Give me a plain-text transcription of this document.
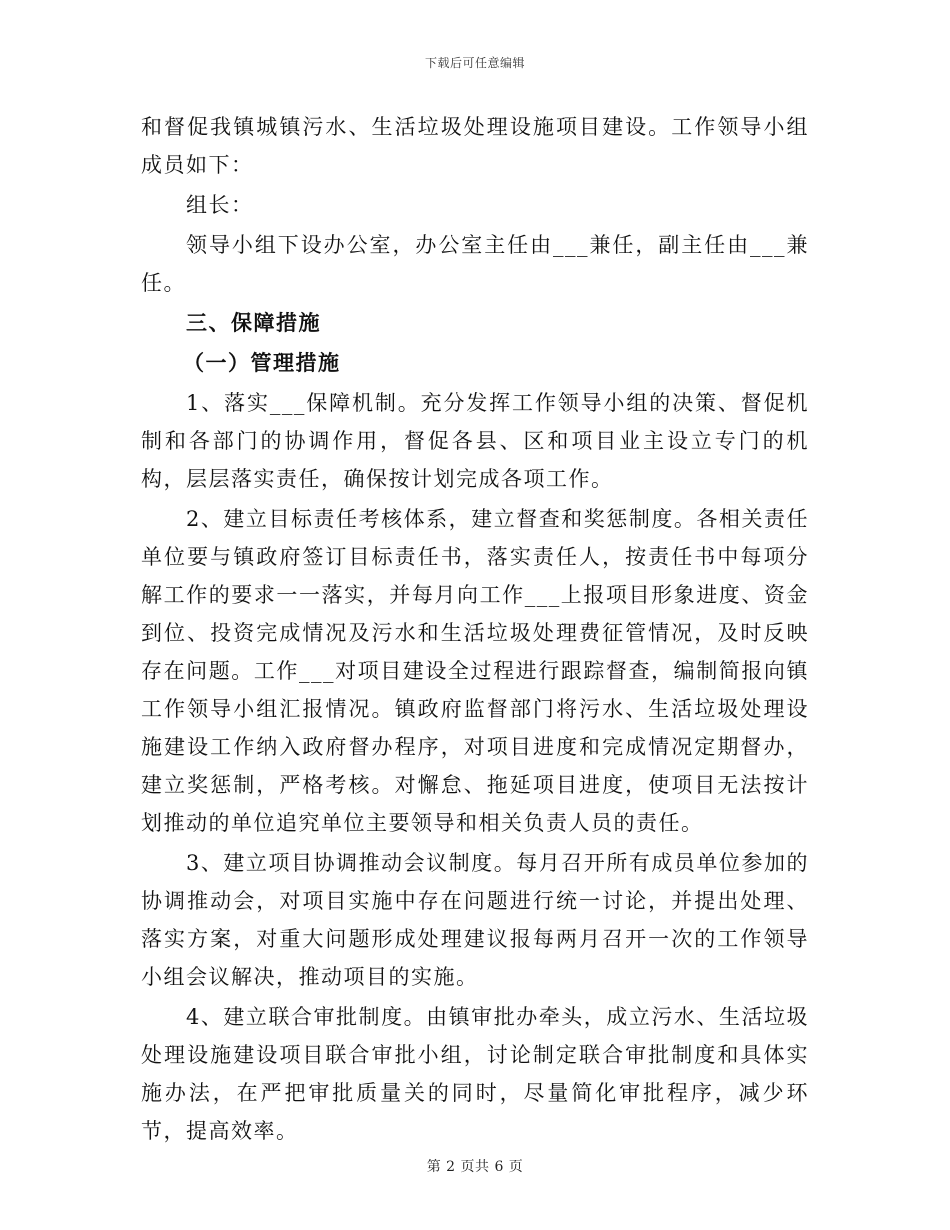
下载后可任意编辑

和督促我镇城镇污水、生活垃圾处理设施项目建设。工作领导小组成员如下：

组长：

领导小组下设办公室，办公室主任由___兼任，副主任由___兼任。

三、保障措施

（一）管理措施

1、落实___保障机制。充分发挥工作领导小组的决策、督促机制和各部门的协调作用，督促各县、区和项目业主设立专门的机构，层层落实责任，确保按计划完成各项工作。

2、建立目标责任考核体系，建立督查和奖惩制度。各相关责任单位要与镇政府签订目标责任书，落实责任人，按责任书中每项分解工作的要求一一落实，并每月向工作___上报项目形象进度、资金到位、投资完成情况及污水和生活垃圾处理费征管情况，及时反映存在问题。工作___对项目建设全过程进行跟踪督查，编制简报向镇工作领导小组汇报情况。镇政府监督部门将污水、生活垃圾处理设施建设工作纳入政府督办程序，对项目进度和完成情况定期督办，建立奖惩制，严格考核。对懈怠、拖延项目进度，使项目无法按计划推动的单位追究单位主要领导和相关负责人员的责任。

3、建立项目协调推动会议制度。每月召开所有成员单位参加的协调推动会，对项目实施中存在问题进行统一讨论，并提出处理、落实方案，对重大问题形成处理建议报每两月召开一次的工作领导小组会议解决，推动项目的实施。

4、建立联合审批制度。由镇审批办牵头，成立污水、生活垃圾处理设施建设项目联合审批小组，讨论制定联合审批制度和具体实施办法，在严把审批质量关的同时，尽量简化审批程序，减少环节，提高效率。

第 2 页共 6 页
